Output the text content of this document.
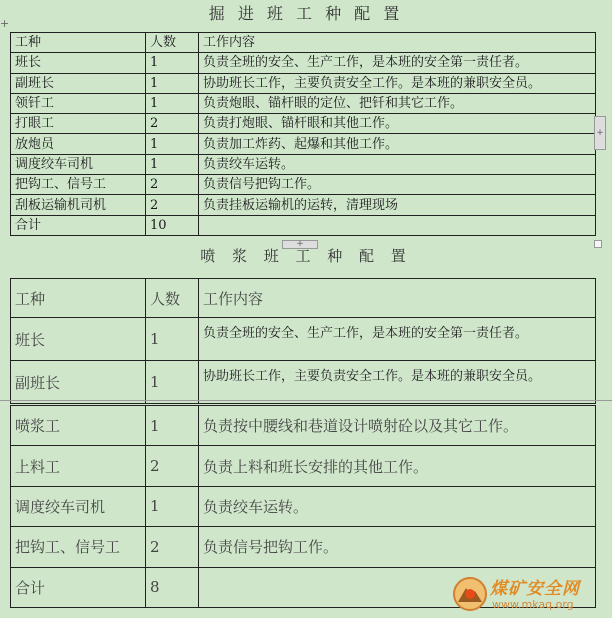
掘 进 班 工 种 配 置
+
工种	人数	工作内容
班长	1	负责全班的安全、生产工作，是本班的安全第一责任者。
副班长	1	协助班长工作，主要负责安全工作。是本班的兼职安全员。
领钎工	1	负责炮眼、锚杆眼的定位、把钎和其它工作。
打眼工	2	负责打炮眼、锚杆眼和其他工作。
放炮员	1	负责加工炸药、起爆和其他工作。
调度绞车司机	1	负责绞车运转。
把钩工、信号工	2	负责信号把钩工作。
刮板运输机司机	2	负责挂板运输机的运转，清理现场
合计	10	
+
+
喷 浆 班 工 种 配 置
工种	人数	工作内容
班长	1	负责全班的安全、生产工作，是本班的安全第一责任者。
副班长	1	协助班长工作，主要负责安全工作。是本班的兼职安全员。
喷浆工	1	负责按中腰线和巷道设计喷射砼以及其它工作。
上料工	2	负责上料和班长安排的其他工作。
调度绞车司机	1	负责绞车运转。
把钩工、信号工	2	负责信号把钩工作。
合计	8		煤矿安全网
www.mkaq.org
